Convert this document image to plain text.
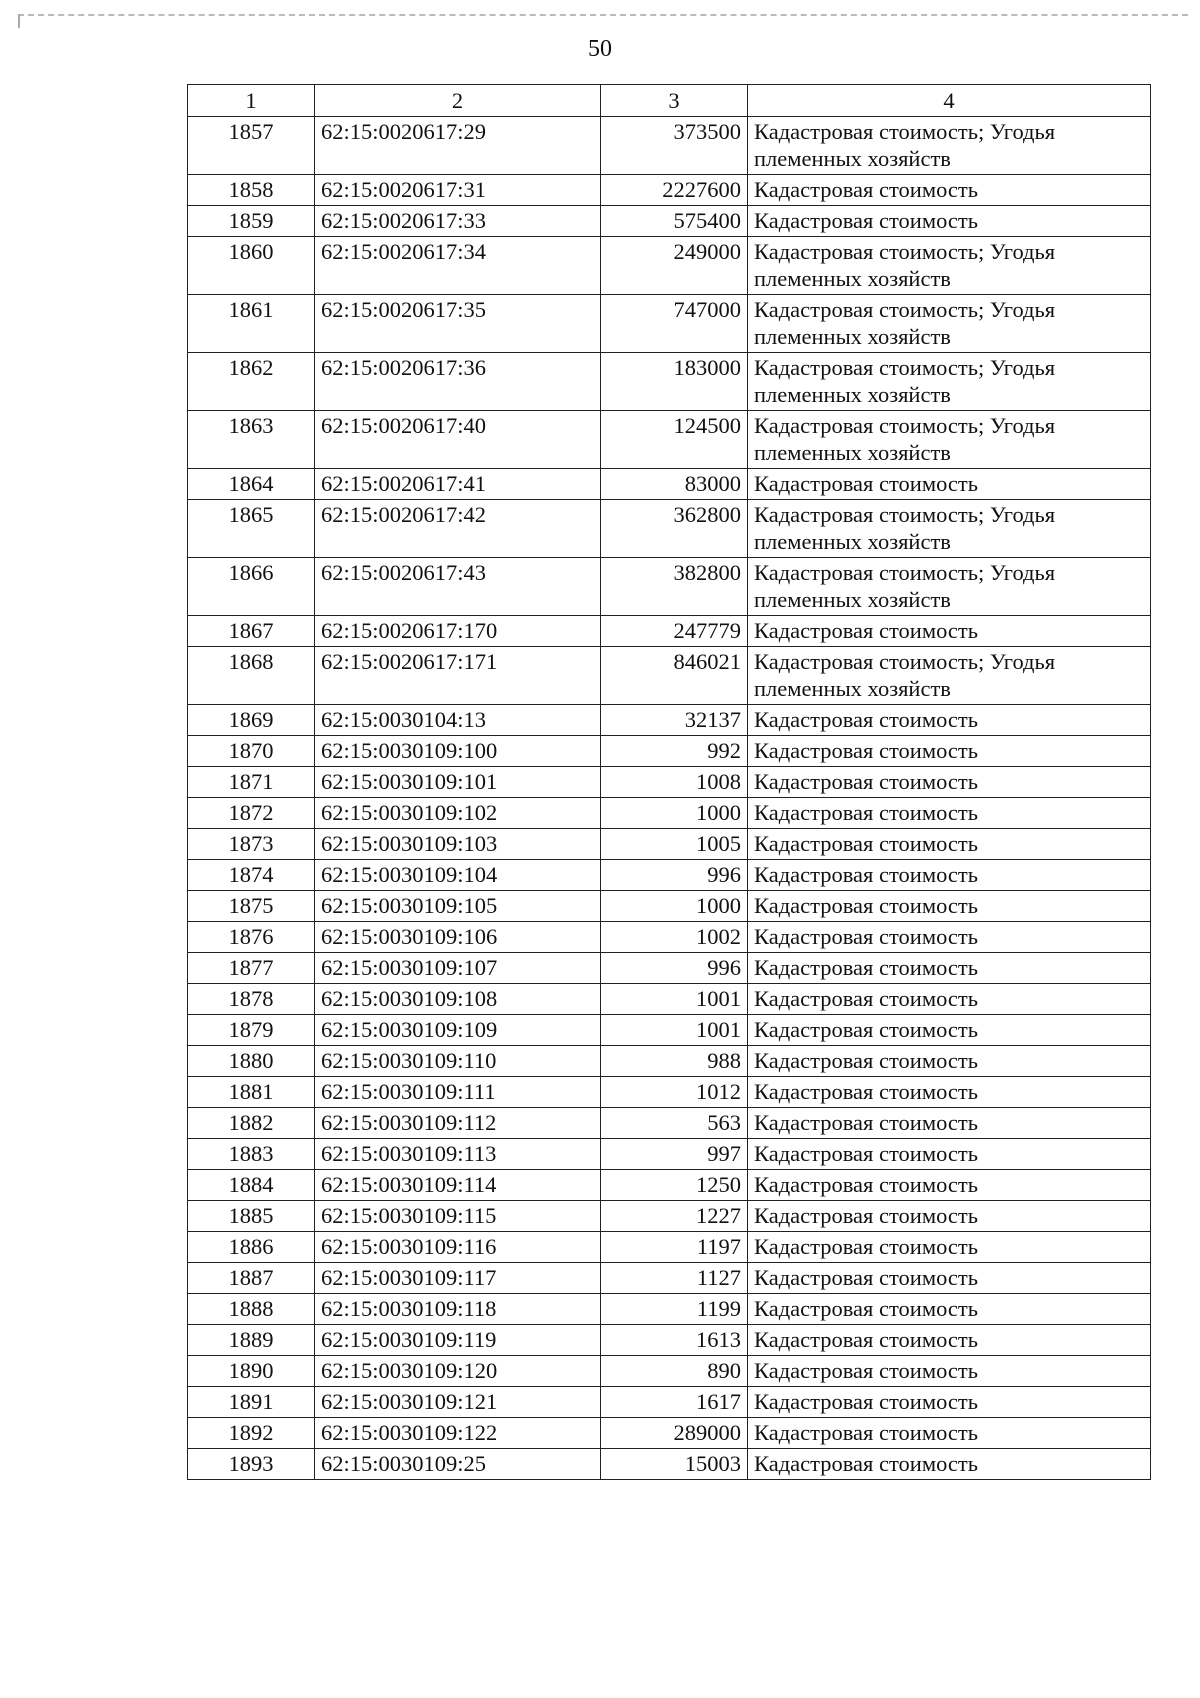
50
1	2	3	4
1857	62:15:0020617:29	373500	Кадастровая стоимость; Угодья племенных хозяйств
1858	62:15:0020617:31	2227600	Кадастровая стоимость
1859	62:15:0020617:33	575400	Кадастровая стоимость
1860	62:15:0020617:34	249000	Кадастровая стоимость; Угодья племенных хозяйств
1861	62:15:0020617:35	747000	Кадастровая стоимость; Угодья племенных хозяйств
1862	62:15:0020617:36	183000	Кадастровая стоимость; Угодья племенных хозяйств
1863	62:15:0020617:40	124500	Кадастровая стоимость; Угодья племенных хозяйств
1864	62:15:0020617:41	83000	Кадастровая стоимость
1865	62:15:0020617:42	362800	Кадастровая стоимость; Угодья племенных хозяйств
1866	62:15:0020617:43	382800	Кадастровая стоимость; Угодья племенных хозяйств
1867	62:15:0020617:170	247779	Кадастровая стоимость
1868	62:15:0020617:171	846021	Кадастровая стоимость; Угодья племенных хозяйств
1869	62:15:0030104:13	32137	Кадастровая стоимость
1870	62:15:0030109:100	992	Кадастровая стоимость
1871	62:15:0030109:101	1008	Кадастровая стоимость
1872	62:15:0030109:102	1000	Кадастровая стоимость
1873	62:15:0030109:103	1005	Кадастровая стоимость
1874	62:15:0030109:104	996	Кадастровая стоимость
1875	62:15:0030109:105	1000	Кадастровая стоимость
1876	62:15:0030109:106	1002	Кадастровая стоимость
1877	62:15:0030109:107	996	Кадастровая стоимость
1878	62:15:0030109:108	1001	Кадастровая стоимость
1879	62:15:0030109:109	1001	Кадастровая стоимость
1880	62:15:0030109:110	988	Кадастровая стоимость
1881	62:15:0030109:111	1012	Кадастровая стоимость
1882	62:15:0030109:112	563	Кадастровая стоимость
1883	62:15:0030109:113	997	Кадастровая стоимость
1884	62:15:0030109:114	1250	Кадастровая стоимость
1885	62:15:0030109:115	1227	Кадастровая стоимость
1886	62:15:0030109:116	1197	Кадастровая стоимость
1887	62:15:0030109:117	1127	Кадастровая стоимость
1888	62:15:0030109:118	1199	Кадастровая стоимость
1889	62:15:0030109:119	1613	Кадастровая стоимость
1890	62:15:0030109:120	890	Кадастровая стоимость
1891	62:15:0030109:121	1617	Кадастровая стоимость
1892	62:15:0030109:122	289000	Кадастровая стоимость
1893	62:15:0030109:25	15003	Кадастровая стоимость
